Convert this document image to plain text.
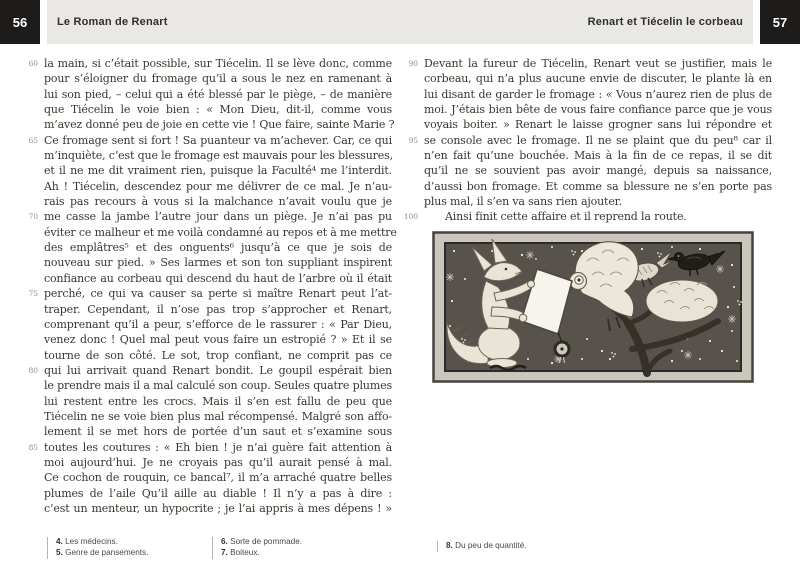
56	Le Roman de Renart	Renart et Tiécelin le corbeau	57
60 la main, si c’était possible, sur Tiécelin. Il se lève donc, comme
pour s’éloigner du fromage qu’il a sous le nez en ramenant à
lui son pied, – celui qui a été blessé par le piège, – de manière
que Tiécelin le voie bien : « Mon Dieu, dit-il, comme vous
m’avez donné peu de joie en cette vie ! Que faire, sainte Marie ?
65 Ce fromage sent si fort ! Sa puanteur va m’achever. Car, ce qui
m’inquiète, c’est que le fromage est mauvais pour les blessures,
et il ne me dit vraiment rien, puisque la Faculté⁴ me l’interdit.
Ah ! Tiécelin, descendez pour me délivrer de ce mal. Je n’au-
rais pas recours à vous si la malchance n’avait voulu que je
70 me casse la jambe l’autre jour dans un piège. Je n’ai pas pu
éviter ce malheur et me voilà condamné au repos et à me mettre
des emplâtres⁵ et des onguents⁶ jusqu’à ce que je sois de
nouveau sur pied. » Ses larmes et son ton suppliant inspirent
confiance au corbeau qui descend du haut de l’arbre où il était
75 perché, ce qui va causer sa perte si maître Renart peut l’at-
traper. Cependant, il n’ose pas trop s’approcher et Renart,
comprenant qu’il a peur, s’efforce de le rassurer : « Par Dieu,
venez donc ! Quel mal peut vous faire un estropié ? » Et il se
tourne de son côté. Le sot, trop confiant, ne comprit pas ce
80 qui lui arrivait quand Renart bondit. Le goupil espérait bien
le prendre mais il a mal calculé son coup. Seules quatre plumes
lui restent entre les crocs. Mais il s’en est fallu de peu que
Tiécelin ne se voie bien plus mal récompensé. Malgré son affo-
lement il se met hors de portée d’un saut et s’examine sous
85 toutes les coutures : « Eh bien ! je n’ai guère fait attention à
moi aujourd’hui. Je ne croyais pas qu’il aurait pensé à mal.
Ce cochon de rouquin, ce bancal⁷, il m’a arraché quatre belles
plumes de l’aile Qu’il aille au diable ! Il n’y a pas à dire :
c’est un menteur, un hypocrite ; je l’ai appris à mes dépens ! »
90 Devant la fureur de Tiécelin, Renart veut se justifier, mais le
corbeau, qui n’a plus aucune envie de discuter, le plante là en
lui disant de garder le fromage : « Vous n’aurez rien de plus de
moi. J’étais bien bête de vous faire confiance parce que je vous
voyais boiter. » Renart le laisse grogner sans lui répondre et
95 se console avec le fromage. Il ne se plaint que du peu⁸ car il
n’en fait qu’une bouchée. Mais à la fin de ce repas, il se dit
qu’il ne se souvient pas avoir mangé, depuis sa naissance,
d’aussi bon fromage. Et comme sa blessure ne s’en porte pas
plus mal, il s’en va sans rien ajouter.
100	Ainsi finit cette affaire et il reprend la route.
4. Les médecins.
5. Genre de pansements.
6. Sorte de pommade.
7. Boiteux.
8. Du peu de quantité.
